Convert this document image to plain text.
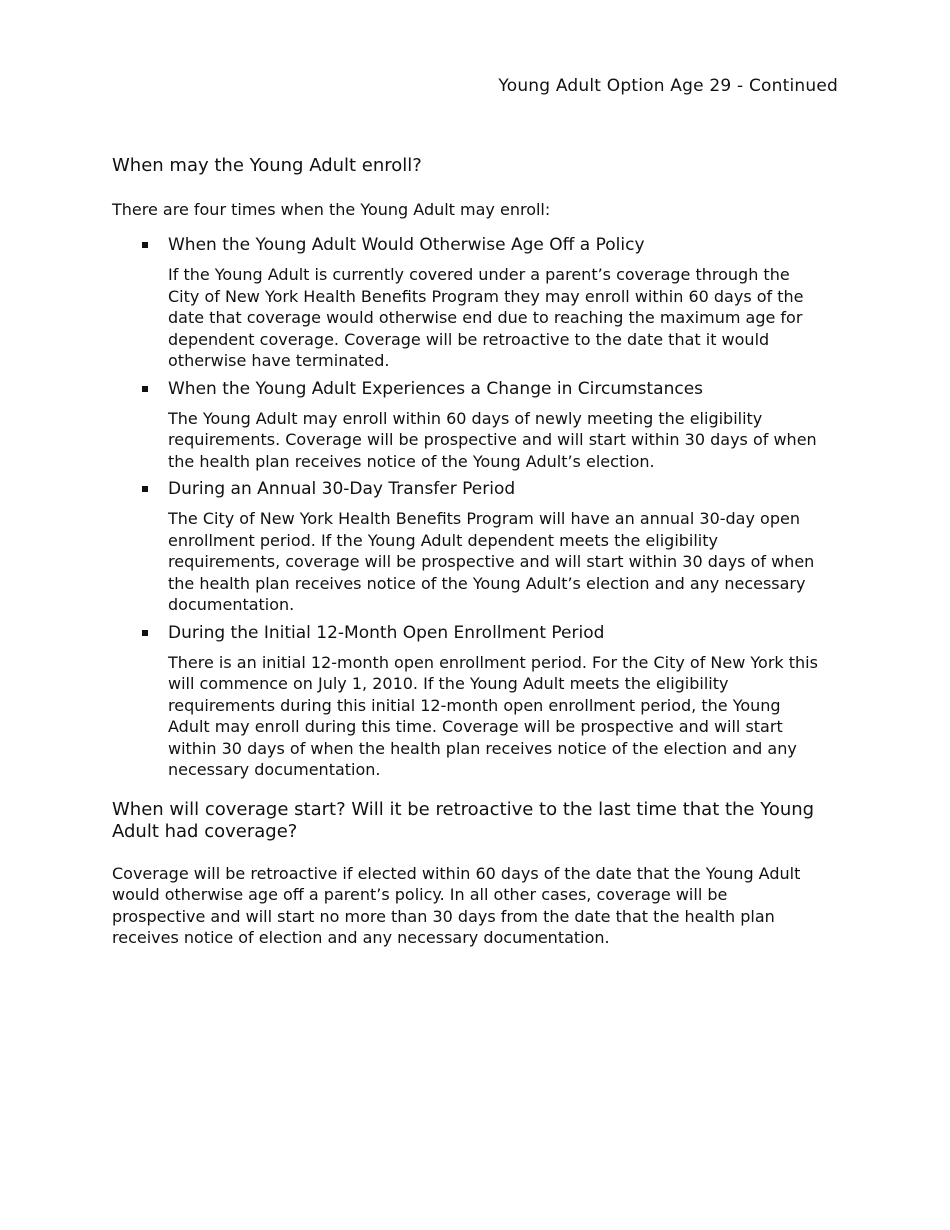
Young Adult Option Age 29 - Continued
When may the Young Adult enroll?

There are four times when the Young Adult may enroll:

When the Young Adult Would Otherwise Age Off a Policy

If the Young Adult is currently covered under a parent’s coverage through the City of New York Health Benefits Program they may enroll within 60 days of the date that coverage would otherwise end due to reaching the maximum age for dependent coverage. Coverage will be retroactive to the date that it would otherwise have terminated.

When the Young Adult Experiences a Change in Circumstances

The Young Adult may enroll within 60 days of newly meeting the eligibility requirements. Coverage will be prospective and will start within 30 days of when the health plan receives notice of the Young Adult’s election.

During an Annual 30-Day Transfer Period

The City of New York Health Benefits Program will have an annual 30-day open enrollment period. If the Young Adult dependent meets the eligibility requirements, coverage will be prospective and will start within 30 days of when the health plan receives notice of the Young Adult’s election and any necessary documentation.

During the Initial 12-Month Open Enrollment Period

There is an initial 12-month open enrollment period. For the City of New York this will commence on July 1, 2010. If the Young Adult meets the eligibility requirements during this initial 12-month open enrollment period, the Young Adult may enroll during this time. Coverage will be prospective and will start within 30 days of when the health plan receives notice of the election and any necessary documentation.

When will coverage start? Will it be retroactive to the last time that the Young Adult had coverage?

Coverage will be retroactive if elected within 60 days of the date that the Young Adult would otherwise age off a parent’s policy. In all other cases, coverage will be prospective and will start no more than 30 days from the date that the health plan receives notice of election and any necessary documentation.
